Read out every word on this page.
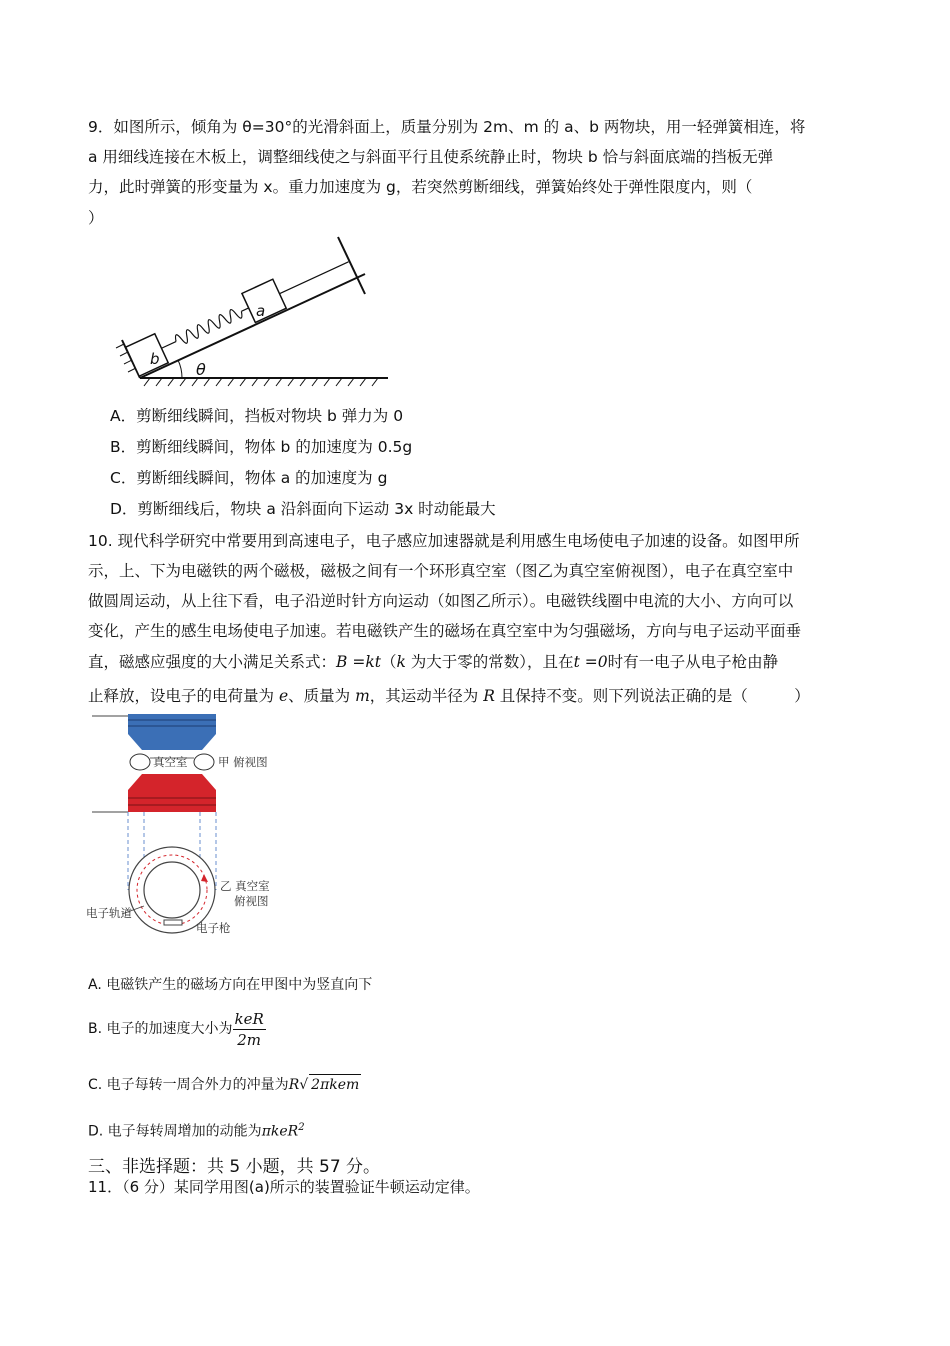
9．如图所示，倾角为 θ=30°的光滑斜面上，质量分别为 2m、m 的 a、b 两物块，用一轻弹簧相连，将
a 用细线连接在木板上，调整细线使之与斜面平行且使系统静止时，物块 b 恰与斜面底端的挡板无弹
力，此时弹簧的形变量为 x。重力加速度为 g，若突然剪断细线，弹簧始终处于弹性限度内，则（
）
b
a
θ
A．剪断细线瞬间，挡板对物块 b 弹力为 0
B．剪断细线瞬间，物体 b 的加速度为 0.5g
C．剪断细线瞬间，物体 a 的加速度为 g
D．剪断细线后，物块 a 沿斜面向下运动 3x 时动能最大
10. 现代科学研究中常要用到高速电子，电子感应加速器就是利用感生电场使电子加速的设备。如图甲所
示，上、下为电磁铁的两个磁极，磁极之间有一个环形真空室（图乙为真空室俯视图），电子在真空室中
做圆周运动，从上往下看，电子沿逆时针方向运动（如图乙所示）。电磁铁线圈中电流的大小、方向可以
变化，产生的感生电场使电子加速。若电磁铁产生的磁场在真空室中为匀强磁场，方向与电子运动平面垂
直，磁感应强度的大小满足关系式：B =kt（k 为大于零的常数），且在t =0时有一电子从电子枪由静
止释放，设电子的电荷量为 e、质量为 m，其运动半径为 R 且保持不变。则下列说法正确的是（　　　）
真空室	甲 俯视图
乙 真空室
俯视图
电子轨道
电子枪
A. 电磁铁产生的磁场方向在甲图中为竖直向下
B. 电子的加速度大小为 $\frac{\text{keR}}{2m}$
C. 电子每转一周合外力的冲量为R√ 2πkem
D. 电子每转周增加的动能为πkeR$^2$
三、非选择题：共 5 小题，共 57 分。
11．（6 分）某同学用图(a)所示的装置验证牛顿运动定律。
